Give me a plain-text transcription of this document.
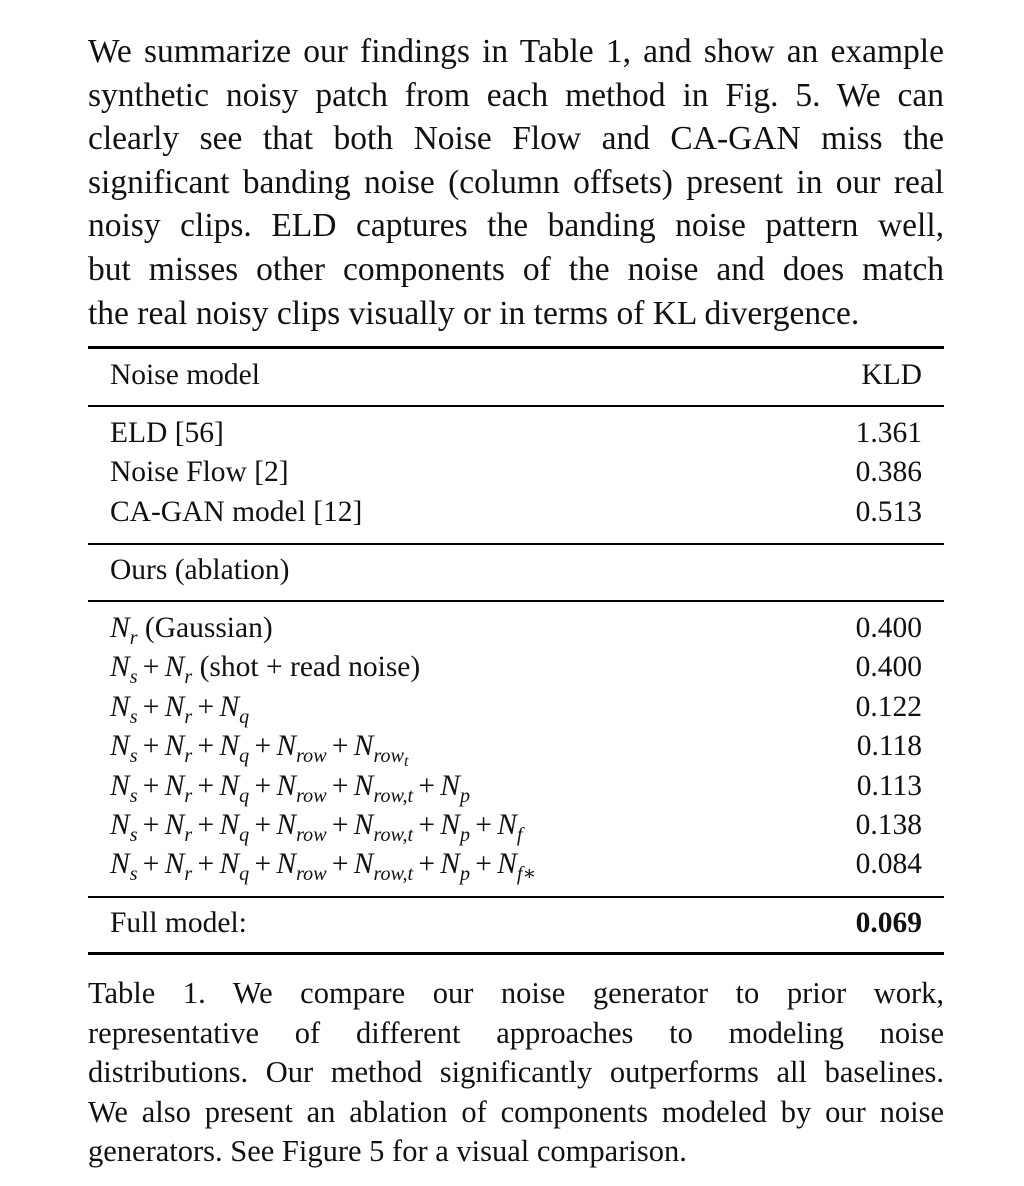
We summarize our findings in Table 1, and show an example
synthetic noisy patch from each method in Fig. 5. We can
clearly see that both Noise Flow and CA-GAN miss the
significant banding noise (column offsets) present in our real
noisy clips. ELD captures the banding noise pattern well,
but misses other components of the noise and does match
the real noisy clips visually or in terms of KL divergence.
Noise model	KLD
ELD [56]	1.361
Noise Flow [2]	0.386
CA-GAN model [12]	0.513
Ours (ablation)
$N_r$ (Gaussian)	0.400
$N_s + N_r$ (shot + read noise)	0.400
$N_s + N_r + N_q$	0.122
$N_s + N_r + N_q + N_{row} + N_{row_t}$	0.118
$N_s + N_r + N_q + N_{row} + N_{row,t} + N_p$	0.113
$N_s + N_r + N_q + N_{row} + N_{row,t} + N_p + N_f$	0.138
$N_s + N_r + N_q + N_{row} + N_{row,t} + N_p + N_{f∗}$	0.084
Full model:	0.069
Table 1. We compare our noise generator to prior work,
representative of different approaches to modeling noise
distributions. Our method significantly outperforms all baselines.
We also present an ablation of components modeled by our noise
generators. See Figure 5 for a visual comparison.
